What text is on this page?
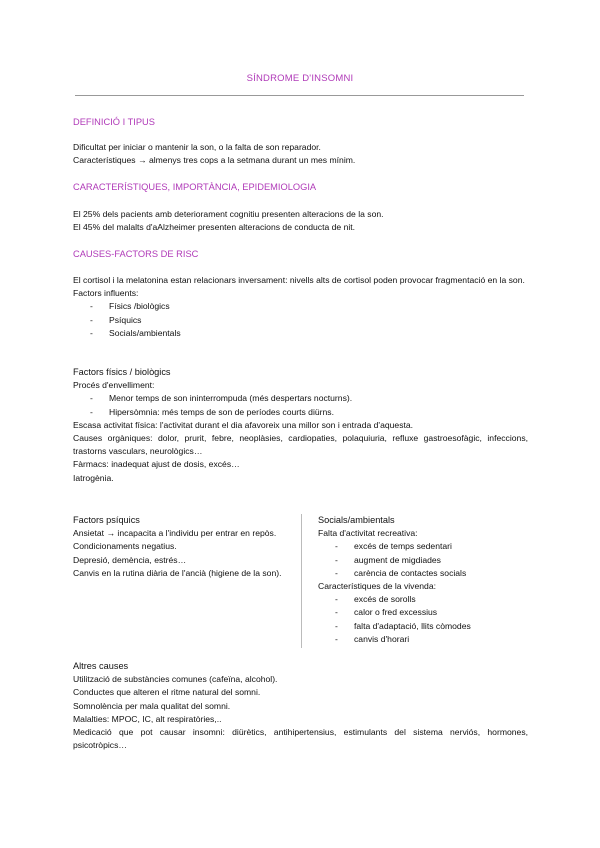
SÍNDROME D'INSOMNI
DEFINICIÓ I TIPUS
Dificultat per iniciar o mantenir la son, o la falta de son reparador.
Característiques → almenys tres cops a la setmana durant un mes mínim.
CARACTERÍSTIQUES, IMPORTÀNCIA, EPIDEMIOLOGIA
El 25% dels pacients amb deteriorament cognitiu presenten alteracions de la son.
El 45% del malalts d'aAlzheimer presenten alteracions de conducta de nit.
CAUSES-FACTORS DE RISC
El cortisol i la melatonina estan relacionars inversament: nivells alts de cortisol poden provocar fragmentació en la son.
Factors influents:
- Físics /biològics
- Psíquics
- Socials/ambientals
Factors físics / biològics
Procés d'envelliment:
- Menor temps de son ininterrompuda (més despertars nocturns).
- Hipersòmnia: més temps de son de períodes courts diürns.
Escasa activitat física: l'activitat durant el dia afavoreix una millor son i entrada d'aquesta.
Causes orgàniques: dolor, prurit, febre, neoplàsies, cardiopaties, polaquiuria, refluxe gastroesofàgic, infeccions, trastorns vasculars, neurològics…
Fàrmacs: inadequat ajust de dosis, excés…
Iatrogènia.
Factors psíquics
Ansietat → incapacita a l'individu per entrar en repòs.
Condicionaments negatius.
Depresió, demència, estrés…
Canvis en la rutina diària de l'ancià (higiene de la son).
Socials/ambientals
Falta d'activitat recreativa:
- excés de temps sedentari
- augment de migdiades
- carència de contactes socials
Característiques de la vivenda:
- excés de sorolls
- calor o fred excessius
- falta d'adaptació, llits còmodes
- canvis d'horari
Altres causes
Utilització de substàncies comunes (cafeïna, alcohol).
Conductes que alteren el ritme natural del somni.
Somnolència per mala qualitat del somni.
Malalties: MPOC, IC, alt respiratòries,..
Medicació que pot causar insomni: diürètics, antihipertensius, estimulants del sistema nerviós, hormones, psicotròpics…
